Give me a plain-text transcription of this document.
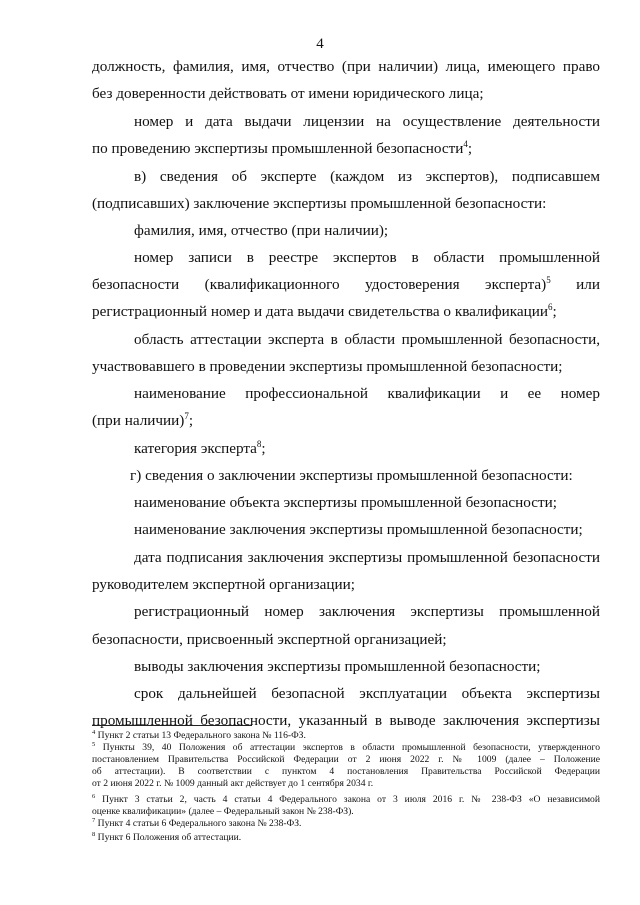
4
должность, фамилия, имя, отчество (при наличии) лица, имеющего право
без доверенности действовать от имени юридического лица;
номер и дата выдачи лицензии на осуществление деятельности
по проведению экспертизы промышленной безопасности$^4$;
в) сведения об эксперте (каждом из экспертов), подписавшем
(подписавших) заключение экспертизы промышленной безопасности:
фамилия, имя, отчество (при наличии);
номер записи в реестре экспертов в области промышленной
безопасности (квалификационного удостоверения эксперта)$^5$ или
регистрационный номер и дата выдачи свидетельства о квалификации$^6$;
область аттестации эксперта в области промышленной безопасности,
участвовавшего в проведении экспертизы промышленной безопасности;
наименование профессиональной квалификации и ее номер
(при наличии)$^7$;
категория эксперта$^8$;
г) сведения о заключении экспертизы промышленной безопасности:
наименование объекта экспертизы промышленной безопасности;
наименование заключения экспертизы промышленной безопасности;
дата подписания заключения экспертизы промышленной безопасности
руководителем экспертной организации;
регистрационный номер заключения экспертизы промышленной
безопасности, присвоенный экспертной организацией;
выводы заключения экспертизы промышленной безопасности;
срок дальнейшей безопасной эксплуатации объекта экспертизы
промышленной безопасности, указанный в выводе заключения экспертизы
$^4$ Пункт 2 статьи 13 Федерального закона № 116-ФЗ.
$^5$ Пункты 39, 40 Положения об аттестации экспертов в области промышленной безопасности, утвержденного
постановлением Правительства Российской Федерации от 2 июня 2022 г. № 1009 (далее – Положение
об аттестации). В соответствии с пунктом 4 постановления Правительства Российской Федерации
от 2 июня 2022 г. № 1009 данный акт действует до 1 сентября 2034 г.
$^6$ Пункт 3 статьи 2, часть 4 статьи 4 Федерального закона от 3 июля 2016 г. № 238-ФЗ «О независимой
оценке квалификации» (далее – Федеральный закон № 238-ФЗ).
$^7$ Пункт 4 статьи 6 Федерального закона № 238-ФЗ.
$^8$ Пункт 6 Положения об аттестации.
